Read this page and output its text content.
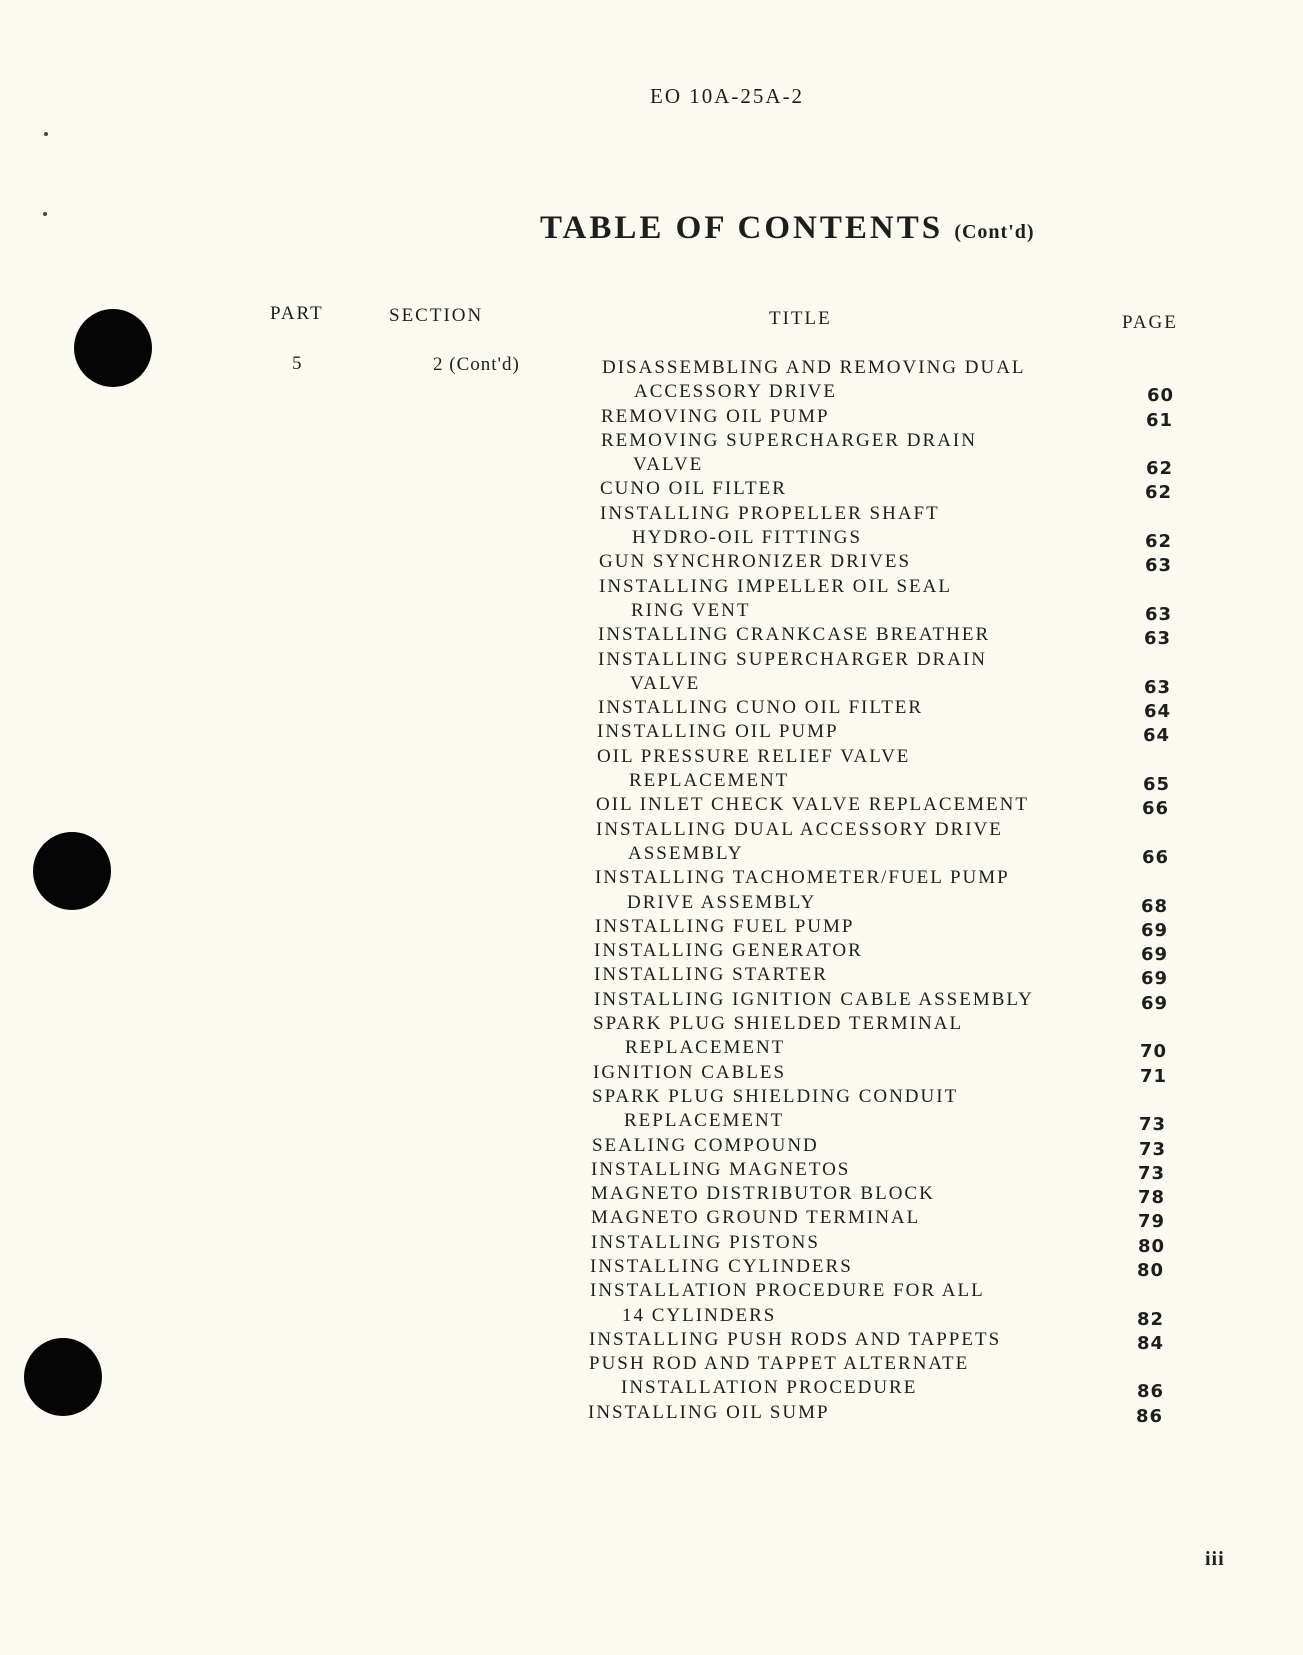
EO 10A-25A-2
TABLE OF CONTENTS (Cont'd)
PART	SECTION	TITLE	PAGE
5	2 (Cont'd)	DISASSEMBLING AND REMOVING DUAL
ACCESSORY DRIVE	60
REMOVING OIL PUMP	61
REMOVING SUPERCHARGER DRAIN
VALVE	62
CUNO OIL FILTER	62
INSTALLING PROPELLER SHAFT
HYDRO-OIL FITTINGS	62
GUN SYNCHRONIZER DRIVES	63
INSTALLING IMPELLER OIL SEAL
RING VENT	63
INSTALLING CRANKCASE BREATHER	63
INSTALLING SUPERCHARGER DRAIN
VALVE	63
INSTALLING CUNO OIL FILTER	64
INSTALLING OIL PUMP	64
OIL PRESSURE RELIEF VALVE
REPLACEMENT	65
OIL INLET CHECK VALVE REPLACEMENT	66
INSTALLING DUAL ACCESSORY DRIVE
ASSEMBLY	66
INSTALLING TACHOMETER/FUEL PUMP
DRIVE ASSEMBLY	68
INSTALLING FUEL PUMP	69
INSTALLING GENERATOR	69
INSTALLING STARTER	69
INSTALLING IGNITION CABLE ASSEMBLY	69
SPARK PLUG SHIELDED TERMINAL
REPLACEMENT	70
IGNITION CABLES	71
SPARK PLUG SHIELDING CONDUIT
REPLACEMENT	73
SEALING COMPOUND	73
INSTALLING MAGNETOS	73
MAGNETO DISTRIBUTOR BLOCK	78
MAGNETO GROUND TERMINAL	79
INSTALLING PISTONS	80
INSTALLING CYLINDERS	80
INSTALLATION PROCEDURE FOR ALL
14 CYLINDERS	82
INSTALLING PUSH RODS AND TAPPETS	84
PUSH ROD AND TAPPET ALTERNATE
INSTALLATION PROCEDURE	86
INSTALLING OIL SUMP	86
iii
